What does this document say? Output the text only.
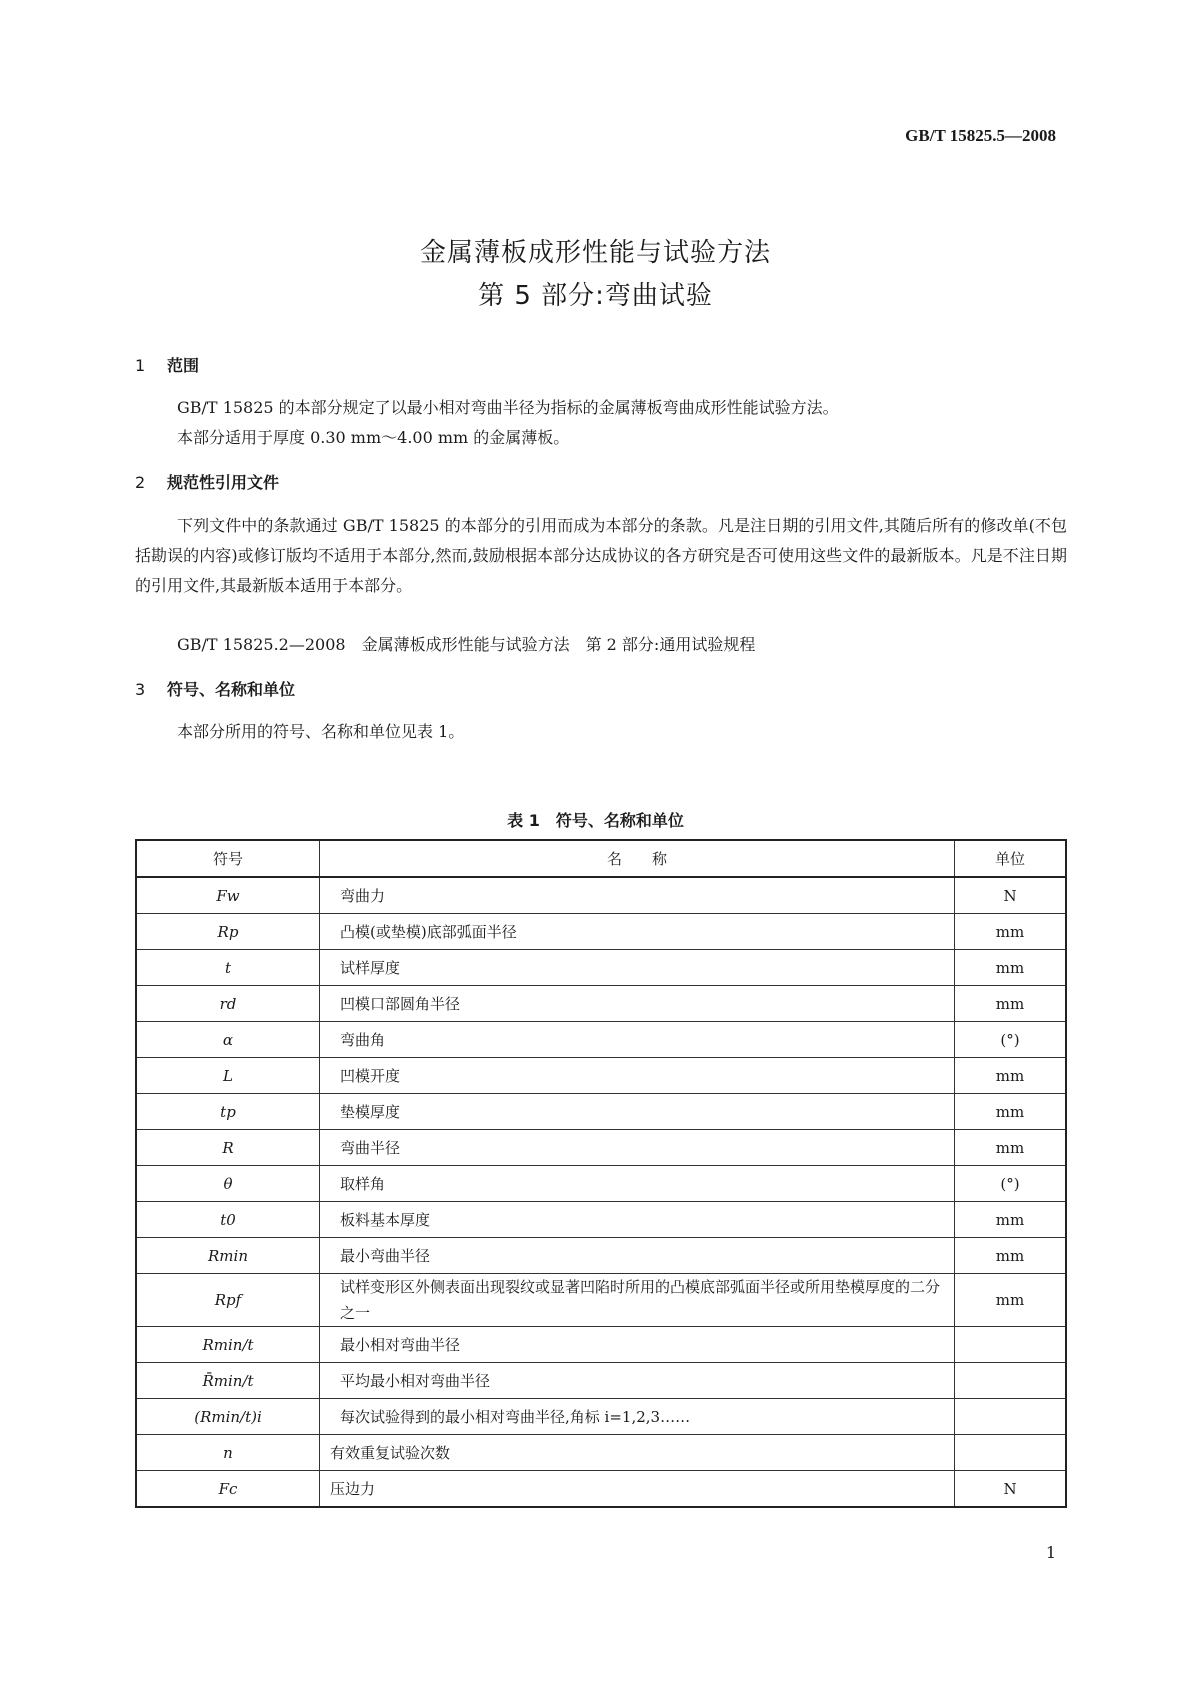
GB/T 15825.5—2008
金属薄板成形性能与试验方法
第 5 部分:弯曲试验
1 范围
GB/T 15825 的本部分规定了以最小相对弯曲半径为指标的金属薄板弯曲成形性能试验方法。
本部分适用于厚度 0.30 mm～4.00 mm 的金属薄板。
2 规范性引用文件
下列文件中的条款通过 GB/T 15825 的本部分的引用而成为本部分的条款。凡是注日期的引用文件,其随后所有的修改单(不包括勘误的内容)或修订版均不适用于本部分,然而,鼓励根据本部分达成协议的各方研究是否可使用这些文件的最新版本。凡是不注日期的引用文件,其最新版本适用于本部分。
GB/T 15825.2—2008　金属薄板成形性能与试验方法　第 2 部分:通用试验规程
3 符号、名称和单位
本部分所用的符号、名称和单位见表 1。
表 1　符号、名称和单位
符号	名　　称	单位
Fw	弯曲力	N
Rp	凸模(或垫模)底部弧面半径	mm
t	试样厚度	mm
rd	凹模口部圆角半径	mm
α	弯曲角	(°)
L	凹模开度	mm
tp	垫模厚度	mm
R	弯曲半径	mm
θ	取样角	(°)
t0	板料基本厚度	mm
Rmin	最小弯曲半径	mm
Rpf	试样变形区外侧表面出现裂纹或显著凹陷时所用的凸模底部弧面半径或所用垫模厚度的二分之一	mm
Rmin/t	最小相对弯曲半径	
R̄min/t	平均最小相对弯曲半径	
(Rmin/t)i	每次试验得到的最小相对弯曲半径,角标 i=1,2,3……	
n	有效重复试验次数	
Fc	压边力	N
1
